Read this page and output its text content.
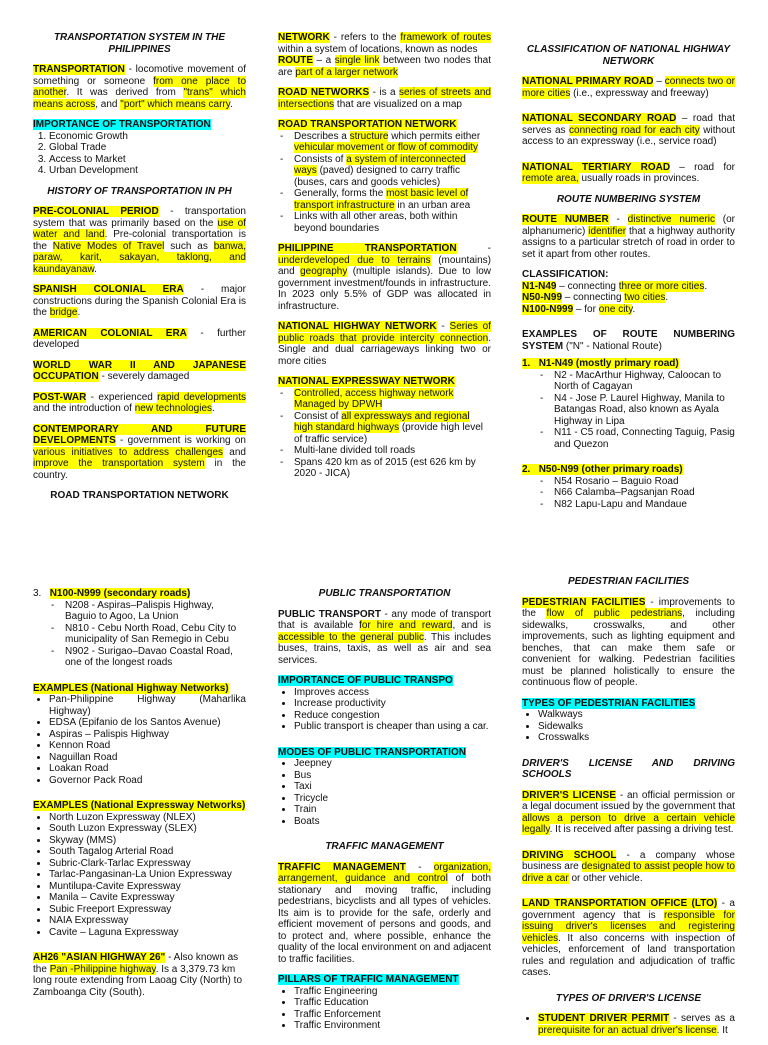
TRANSPORTATION SYSTEM IN THE PHILIPPINES

TRANSPORTATION - locomotive movement of something or someone from one place to another. It was derived from "trans" which means across, and "port" which means carry.

IMPORTANCE OF TRANSPORTATION
1. Economic Growth
2. Global Trade
3. Access to Market
4. Urban Development
HISTORY OF TRANSPORTATION IN PH

PRE-COLONIAL PERIOD - transportation system that was primarily based on the use of water and land. Pre-colonial transportation is the Native Modes of Travel such as banwa, paraw, karit, sakayan, taklong, and kaundayanaw.

SPANISH COLONIAL ERA - major constructions during the Spanish Colonial Era is the bridge.

AMERICAN COLONIAL ERA - further developed

WORLD WAR II AND JAPANESE OCCUPATION - severely damaged

POST-WAR - experienced rapid developments and the introduction of new technologies.

CONTEMPORARY AND FUTURE DEVELOPMENTS - government is working on various initiatives to address challenges and improve the transportation system in the country.

ROAD TRANSPORTATION NETWORK

NETWORK - refers to the framework of routes within a system of locations, known as nodes

ROUTE – a single link between two nodes that are part of a larger network

ROAD NETWORKS - is a series of streets and intersections that are visualized on a map

ROAD TRANSPORTATION NETWORK
- Describes a structure which permits either vehicular movement or flow of commodity
- Consists of a system of interconnected ways (paved) designed to carry traffic (buses, cars and goods vehicles)
- Generally, forms the most basic level of transport infrastructure in an urban area
- Links with all other areas, both within beyond boundaries

PHILIPPINE TRANSPORTATION - underdeveloped due to terrains (mountains) and geography (multiple islands). Due to low government investment/founds in infrastructure. In 2023 only 5.5% of GDP was allocated in infrastructure.

NATIONAL HIGHWAY NETWORK - Series of public roads that provide intercity connection. Single and dual carriageways linking two or more cities

NATIONAL EXPRESSWAY NETWORK
- Controlled, access highway network Managed by DPWH
- Consist of all expressways and regional high standard highways (provide high level of traffic service)
- Multi-lane divided toll roads
- Spans 420 km as of 2015 (est 626 km by 2020 - JICA)
CLASSIFICATION OF NATIONAL HIGHWAY NETWORK

NATIONAL PRIMARY ROAD – connects two or more cities (i.e., expressway and freeway)

NATIONAL SECONDARY ROAD – road that serves as connecting road for each city without access to an expressway (i.e., service road)

NATIONAL TERTIARY ROAD – road for remote area, usually roads in provinces.

ROUTE NUMBERING SYSTEM

ROUTE NUMBER - distinctive numeric (or alphanumeric) identifier that a highway authority assigns to a particular stretch of road in order to set it apart from other routes.

CLASSIFICATION:
N1-N49 – connecting three or more cities.
N50-N99 – connecting two cities.
N100-N999 – for one city.

EXAMPLES OF ROUTE NUMBERING SYSTEM ("N" - National Route)

1. N1-N49 (mostly primary road)
- N2 - MacArthur Highway, Caloocan to North of Cagayan
- N4 - Jose P. Laurel Highway, Manila to Batangas Road, also known as Ayala Highway in Lipa
- N11 - C5 road, Connecting Taguig, Pasig and Quezon
2. N50-N99 (other primary roads)
- N54 Rosario – Baguio Road
- N66 Calamba–Pagsanjan Road
- N82 Lapu-Lapu and Mandaue
3. N100-N999 (secondary roads)
- N208 - Aspiras–Palispis Highway, Baguio to Agoo, La Union
- N810 - Cebu North Road, Cebu City to municipality of San Remegio in Cebu
- N902 - Surigao–Davao Coastal Road, one of the longest roads
EXAMPLES (National Highway Networks)
• Pan-Philippine Highway (Maharlika Highway)
• EDSA (Epifanio de los Santos Avenue)
• Aspiras – Palispis Highway
• Kennon Road
• Naguillan Road
• Loakan Road
• Governor Pack Road
EXAMPLES (National Expressway Networks)
• North Luzon Expressway (NLEX)
• South Luzon Expressway (SLEX)
• Skyway (MMS)
• South Tagalog Arterial Road
• Subric-Clark-Tarlac Expressway
• Tarlac-Pangasinan-La Union Expressway
• Muntilupa-Cavite Expressway
• Manila – Cavite Expressway
• Subic Freeport Expressway
• NAIA Expressway
• Cavite – Laguna Expressway

AH26 "ASIAN HIGHWAY 26" - Also known as the Pan -Philippine highway. Is a 3,379.73 km long route extending from Laoag City (North) to Zamboanga City (South).

PUBLIC TRANSPORTATION

PUBLIC TRANSPORT - any mode of transport that is available for hire and reward, and is accessible to the general public. This includes buses, trains, taxis, as well as air and sea services.

IMPORTANCE OF PUBLIC TRANSPO
• Improves access
• Increase productivity
• Reduce congestion
• Public transport is cheaper than using a car.
MODES OF PUBLIC TRANSPORTATION
• Jeepney
• Bus
• Taxi
• Tricycle
• Train
• Boats
TRAFFIC MANAGEMENT

TRAFFIC MANAGEMENT - organization, arrangement, guidance and control of both stationary and moving traffic, including pedestrians, bicyclists and all types of vehicles. Its aim is to provide for the safe, orderly and efficient movement of persons and goods, and to protect and, where possible, enhance the quality of the local environment on and adjacent to traffic facilities.

PILLARS OF TRAFFIC MANAGEMENT
• Traffic Engineering
• Traffic Education
• Traffic Enforcement
• Traffic Environment
PEDESTRIAN FACILITIES

PEDESTRIAN FACILITIES - improvements to the flow of public pedestrians, including sidewalks, crosswalks, and other improvements, such as lighting equipment and benches, that can make them safe or convenient for walking. Pedestrian facilities must be planned holistically to ensure the continuous flow of people.

TYPES OF PEDESTRIAN FACILITIES
• Walkways
• Sidewalks
• Crosswalks
DRIVER'S LICENSE AND DRIVING SCHOOLS

DRIVER'S LICENSE - an official permission or a legal document issued by the government that allows a person to drive a certain vehicle legally. It is received after passing a driving test.

DRIVING SCHOOL - a company whose business are designated to assist people how to drive a car or other vehicle.

LAND TRANSPORTATION OFFICE (LTO) - a government agency that is responsible for issuing driver's licenses and registering vehicles. It also concerns with inspection of vehicles, enforcement of land transportation rules and regulation and adjudication of traffic cases.

TYPES OF DRIVER'S LICENSE
• STUDENT DRIVER PERMIT - serves as a prerequisite for an actual driver's license. It
